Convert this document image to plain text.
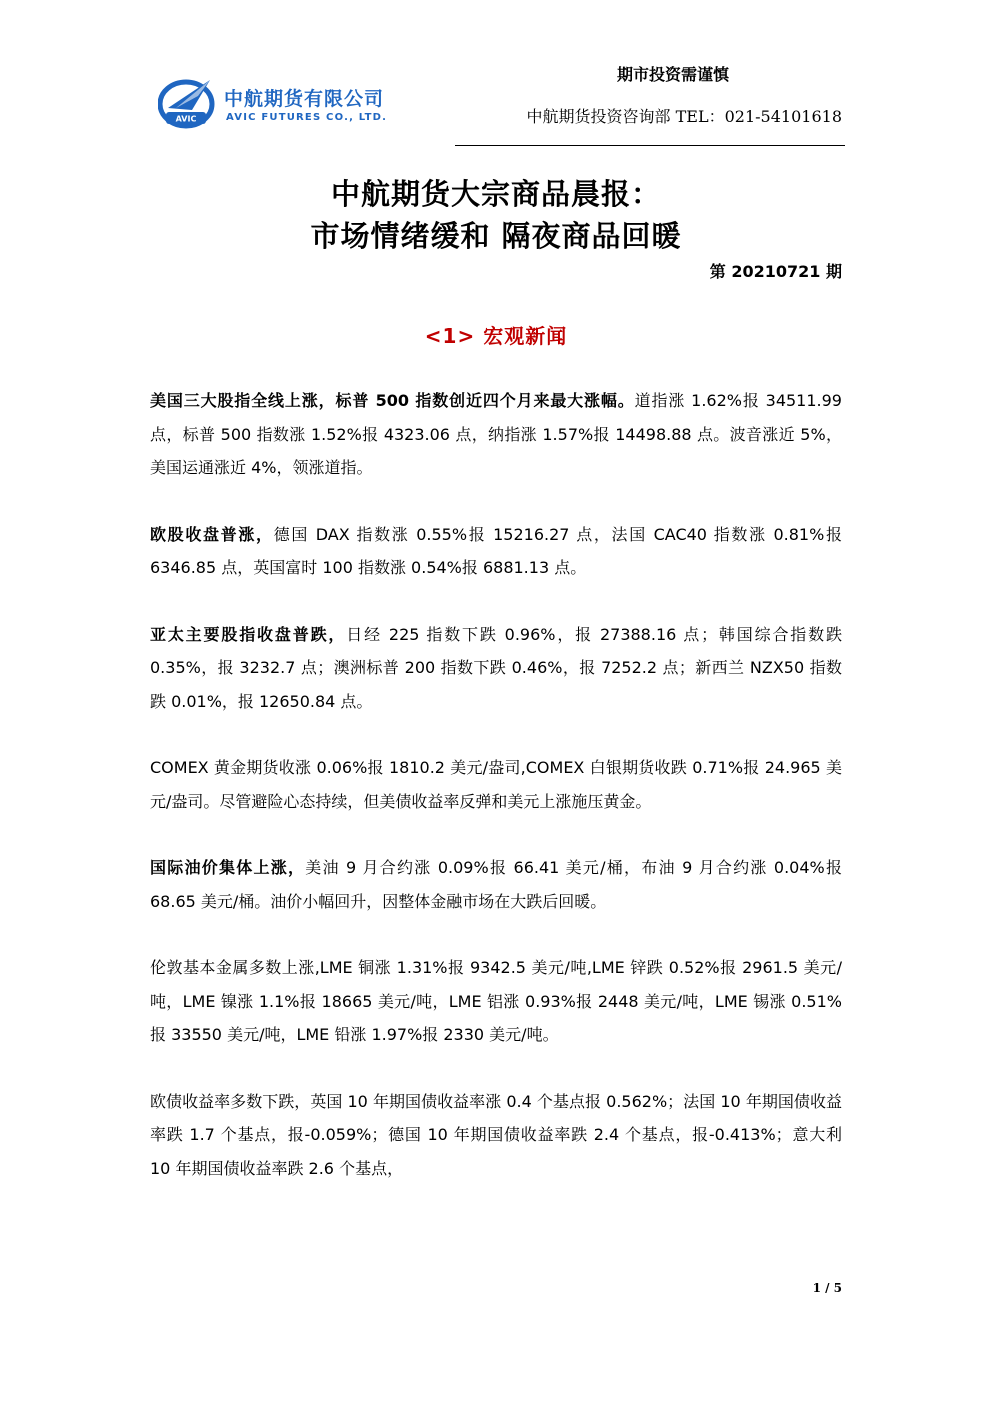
AVIC
中航期货有限公司
AVIC FUTURES CO., LTD.
期市投资需谨慎
中航期货投资咨询部 TEL：021-54101618
中航期货大宗商品晨报：
市场情绪缓和 隔夜商品回暖
第 20210721 期
<1> 宏观新闻

美国三大股指全线上涨，标普 500 指数创近四个月来最大涨幅。道指涨 1.62%报 34511.99 点，标普 500 指数涨 1.52%报 4323.06 点，纳指涨 1.57%报 14498.88 点。波音涨近 5%，美国运通涨近 4%，领涨道指。

欧股收盘普涨，德国 DAX 指数涨 0.55%报 15216.27 点，法国 CAC40 指数涨 0.81%报 6346.85 点，英国富时 100 指数涨 0.54%报 6881.13 点。

亚太主要股指收盘普跌，日经 225 指数下跌 0.96%，报 27388.16 点；韩国综合指数跌 0.35%，报 3232.7 点；澳洲标普 200 指数下跌 0.46%，报 7252.2 点；新西兰 NZX50 指数跌 0.01%，报 12650.84 点。

COMEX 黄金期货收涨 0.06%报 1810.2 美元/盎司,COMEX 白银期货收跌 0.71%报 24.965 美元/盎司。尽管避险心态持续，但美债收益率反弹和美元上涨施压黄金。

国际油价集体上涨，美油 9 月合约涨 0.09%报 66.41 美元/桶，布油 9 月合约涨 0.04%报 68.65 美元/桶。油价小幅回升，因整体金融市场在大跌后回暖。

伦敦基本金属多数上涨,LME 铜涨 1.31%报 9342.5 美元/吨,LME 锌跌 0.52%报 2961.5 美元/吨，LME 镍涨 1.1%报 18665 美元/吨，LME 铝涨 0.93%报 2448 美元/吨，LME 锡涨 0.51%报 33550 美元/吨，LME 铅涨 1.97%报 2330 美元/吨。

欧债收益率多数下跌，英国 10 年期国债收益率涨 0.4 个基点报 0.562%；法国 10 年期国债收益率跌 1.7 个基点，报-0.059%；德国 10 年期国债收益率跌 2.4 个基点，报-0.413%；意大利 10 年期国债收益率跌 2.6 个基点，

1 / 5
